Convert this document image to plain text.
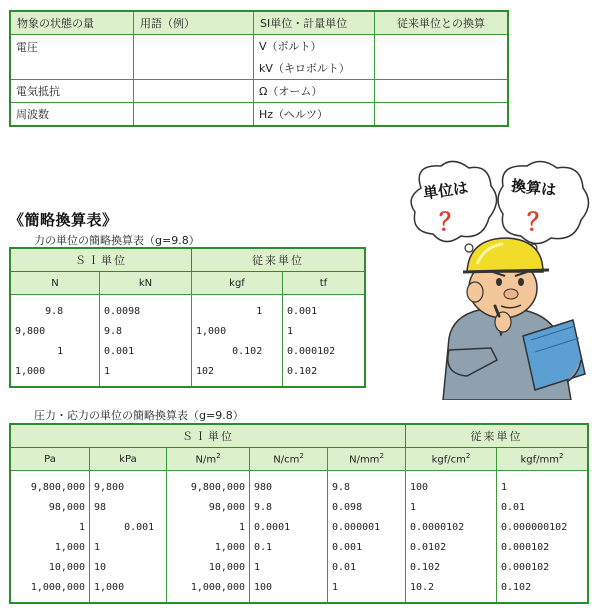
物象の状態の量	用語（例）	SI単位・計量単位	従来単位との換算
電圧		V（ボルト）	
		kV（キロボルト）	
電気抵抗		Ω（オーム）	
周波数		Hz（ヘルツ）	
単位は
？
換算は
？
《簡略換算表》
力の単位の簡略換算表（g=9.8）
ＳＩ単位		従来単位	
N	kN	kgf	tf
9.8	0.0098	1	0.001
9,800	9.8	1,000	1
1	0.001	0.102	0.000102
1,000	1	102	0.102
圧力・応力の単位の簡略換算表（g=9.8）
ＳＩ単位					従来単位	
Pa	kPa	$N/m^2$	$N/cm^2$	$N/mm^2$	kgf/$cm^2$	kgf/$mm^2$
9,800,000	9,800	9,800,000	980	9.8	100	1
98,000	98	98,000	9.8	0.098	1	0.01
1	0.001	1	0.0001	0.000001	0.0000102	0.000000102
1,000	1	1,000	0.1	0.001	0.0102	0.000102
10,000	10	10,000	1	0.01	0.102	0.000102
1,000,000	1,000	1,000,000	100	1	10.2	0.102
